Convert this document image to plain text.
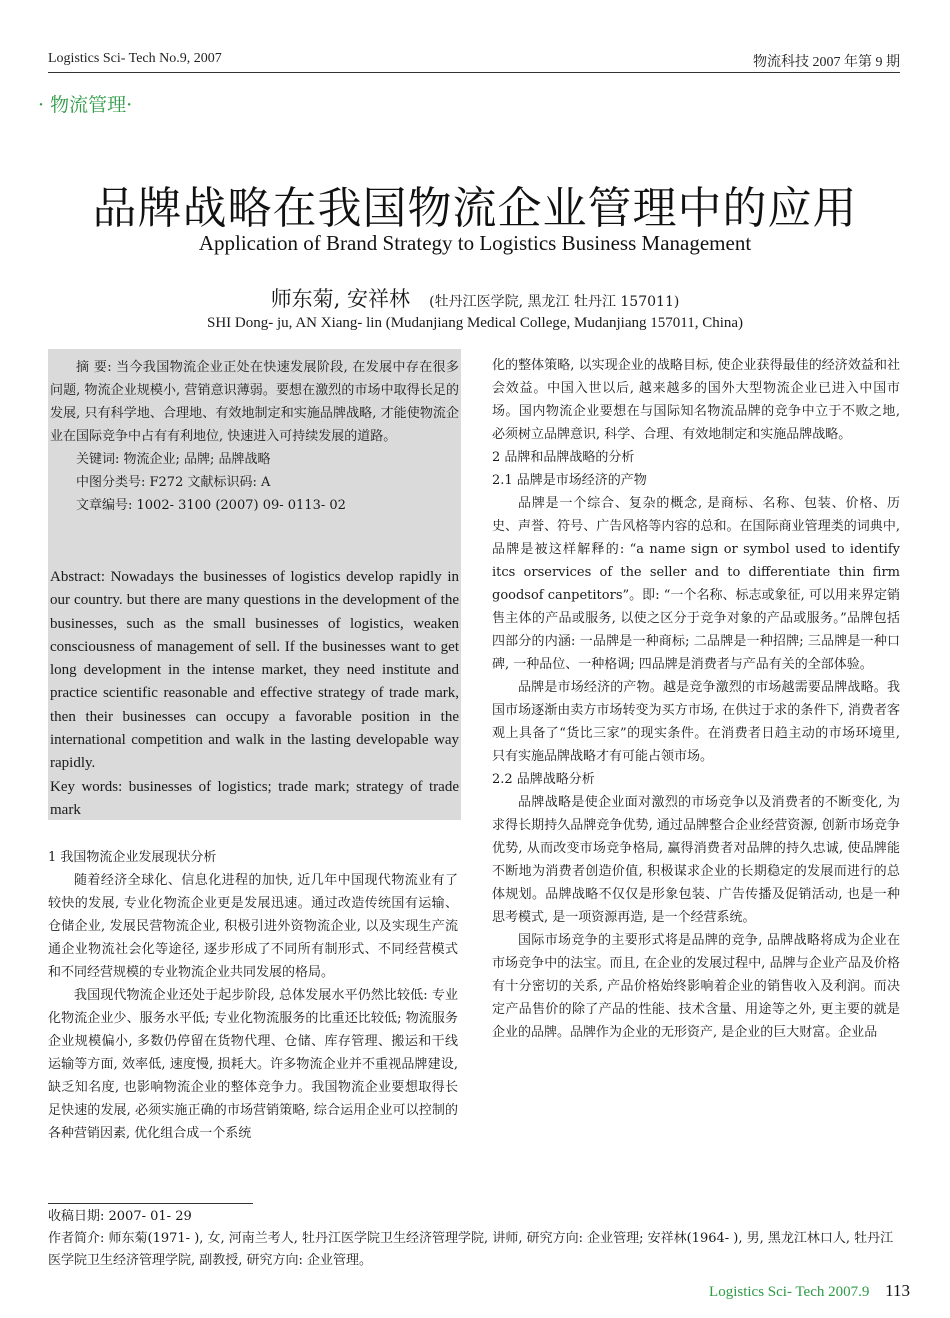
Logistics Sci- Tech No.9, 2007	物流科技 2007 年第 9 期
· 物流管理·
品牌战略在我国物流企业管理中的应用
Application of Brand Strategy to Logistics Business Management
师东菊, 安祥林 (牡丹江医学院, 黑龙江 牡丹江 157011)
SHI Dong- ju, AN Xiang- lin (Mudanjiang Medical College, Mudanjiang 157011, China)

摘 要: 当今我国物流企业正处在快速发展阶段, 在发展中存在很多问题, 物流企业规模小, 营销意识薄弱。要想在激烈的市场中取得长足的发展, 只有科学地、合理地、有效地制定和实施品牌战略, 才能使物流企业在国际竞争中占有有利地位, 快速进入可持续发展的道路。

关键词: 物流企业; 品牌; 品牌战略

中图分类号: F272 文献标识码: A

文章编号: 1002- 3100 (2007) 09- 0113- 02

Abstract: Nowadays the businesses of logistics develop rapidly in our country. but there are many questions in the development of the businesses, such as the small businesses of logistics, weaken consciousness of management of sell. If the businesses want to get long development in the intense market, they need institute and practice scientific reasonable and effective strategy of trade mark, then their businesses can occupy a favorable position in the international competition and walk in the lasting developable way rapidly.

Key words: businesses of logistics; trade mark; strategy of trade mark

1 我国物流企业发展现状分析

随着经济全球化、信息化进程的加快, 近几年中国现代物流业有了较快的发展, 专业化物流企业更是发展迅速。通过改造传统国有运输、仓储企业, 发展民营物流企业, 积极引进外资物流企业, 以及实现生产流通企业物流社会化等途径, 逐步形成了不同所有制形式、不同经营模式和不同经营规模的专业物流企业共同发展的格局。

我国现代物流企业还处于起步阶段, 总体发展水平仍然比较低: 专业化物流企业少、服务水平低; 专业化物流服务的比重还比较低; 物流服务企业规模偏小, 多数仍停留在货物代理、仓储、库存管理、搬运和干线运输等方面, 效率低, 速度慢, 损耗大。许多物流企业并不重视品牌建设, 缺乏知名度, 也影响物流企业的整体竞争力。我国物流企业要想取得长足快速的发展, 必须实施正确的市场营销策略, 综合运用企业可以控制的各种营销因素, 优化组合成一个系统

化的整体策略, 以实现企业的战略目标, 使企业获得最佳的经济效益和社会效益。中国入世以后, 越来越多的国外大型物流企业已进入中国市场。国内物流企业要想在与国际知名物流品牌的竞争中立于不败之地, 必须树立品牌意识, 科学、合理、有效地制定和实施品牌战略。

2 品牌和品牌战略的分析

2.1 品牌是市场经济的产物

品牌是一个综合、复杂的概念, 是商标、名称、包装、价格、历史、声誉、符号、广告风格等内容的总和。在国际商业管理类的词典中, 品牌是被这样解释的: “a name sign or symbol used to identify itcs orservices of the seller and to differentiate thin firm goodsof canpetitors”。即: “一个名称、标志或象征, 可以用来界定销售主体的产品或服务, 以使之区分于竞争对象的产品或服务。”品牌包括四部分的内涵: 一品牌是一种商标; 二品牌是一种招牌; 三品牌是一种口碑, 一种品位、一种格调; 四品牌是消费者与产品有关的全部体验。

品牌是市场经济的产物。越是竞争激烈的市场越需要品牌战略。我国市场逐渐由卖方市场转变为买方市场, 在供过于求的条件下, 消费者客观上具备了“货比三家”的现实条件。在消费者日趋主动的市场环境里, 只有实施品牌战略才有可能占领市场。

2.2 品牌战略分析

品牌战略是使企业面对激烈的市场竞争以及消费者的不断变化, 为求得长期持久品牌竞争优势, 通过品牌整合企业经营资源, 创新市场竞争优势, 从而改变市场竞争格局, 赢得消费者对品牌的持久忠诚, 使品牌能不断地为消费者创造价值, 积极谋求企业的长期稳定的发展而进行的总体规划。品牌战略不仅仅是形象包装、广告传播及促销活动, 也是一种思考模式, 是一项资源再造, 是一个经营系统。

国际市场竞争的主要形式将是品牌的竞争, 品牌战略将成为企业在市场竞争中的法宝。而且, 在企业的发展过程中, 品牌与企业产品及价格有十分密切的关系, 产品价格始终影响着企业的销售收入及利润。而决定产品售价的除了产品的性能、技术含量、用途等之外, 更主要的就是企业的品牌。品牌作为企业的无形资产, 是企业的巨大财富。企业品

收稿日期: 2007- 01- 29
作者简介: 师东菊(1971- ), 女, 河南兰考人, 牡丹江医学院卫生经济管理学院, 讲师, 研究方向: 企业管理; 安祥林(1964- ), 男, 黑龙江林口人, 牡丹江医学院卫生经济管理学院, 副教授, 研究方向: 企业管理。
Logistics Sci- Tech 2007.9 113
